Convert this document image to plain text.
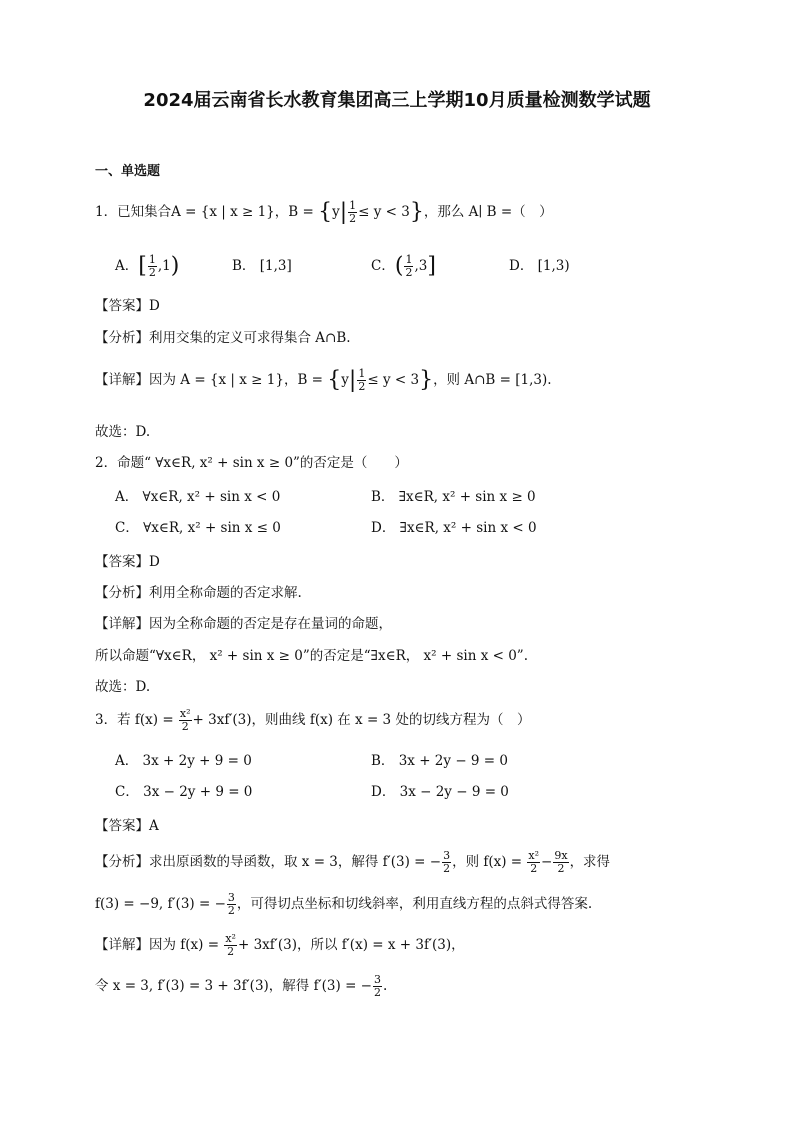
2024届云南省长水教育集团高三上学期10月质量检测数学试题
一、单选题
1．已知集合A = {x | x ≥ 1}，$B = \{y| \frac{1}{2} \le y < 3\}$，那么 A∣ B =（　）
A．[ $\frac{1}{2} ,1$)	B． [1,3]	C．( $\frac{1}{2} ,3$]	D． [1,3)
【答案】D
【分析】利用交集的定义可求得集合 A∩B.
【详解】因为 A = {x | x ≥ 1}，$B = \{y| \frac{1}{2} \le y < 3\}$，则 A∩B = [1,3).
故选：D.
2．命题“ ∀x∈R, x² + sin x ≥ 0”的否定是（　　）
A． ∀x∈R, x² + sin x < 0	B． ∃x∈R, x² + sin x ≥ 0
C． ∀x∈R, x² + sin x ≤ 0	D． ∃x∈R, x² + sin x < 0
【答案】D
【分析】利用全称命题的否定求解.
【详解】因为全称命题的否定是存在量词的命题，
所以命题“∀x∈R， x² + sin x ≥ 0”的否定是“∃x∈R， x² + sin x < 0”.
故选：D.
3．若 $f(x) = \frac{\text{x²}}{2} + 3xf'(3)$，则曲线 f(x) 在 x = 3 处的切线方程为（　）
A． 3x + 2y + 9 = 0	B． 3x + 2y − 9 = 0
C． 3x − 2y + 9 = 0	D． 3x − 2y − 9 = 0
【答案】A
【分析】求出原函数的导函数，取 x = 3，解得 f′(3) = − $\frac{3}{2}$ ，则 $f(x) = \frac{\text{x²}}{2} - \frac{9x}{2}$ ，求得
f(3) = −9, f′(3) = − $\frac{3}{2}$ ，可得切点坐标和切线斜率，利用直线方程的点斜式得答案.
【详解】因为 $f(x) = \frac{\text{x²}}{2} + 3xf'(3)$，所以 f′(x) = x + 3f′(3)，
令 x = 3, f′(3) = 3 + 3f′(3)，解得 f′(3) = − $\frac{3}{2}$ .
